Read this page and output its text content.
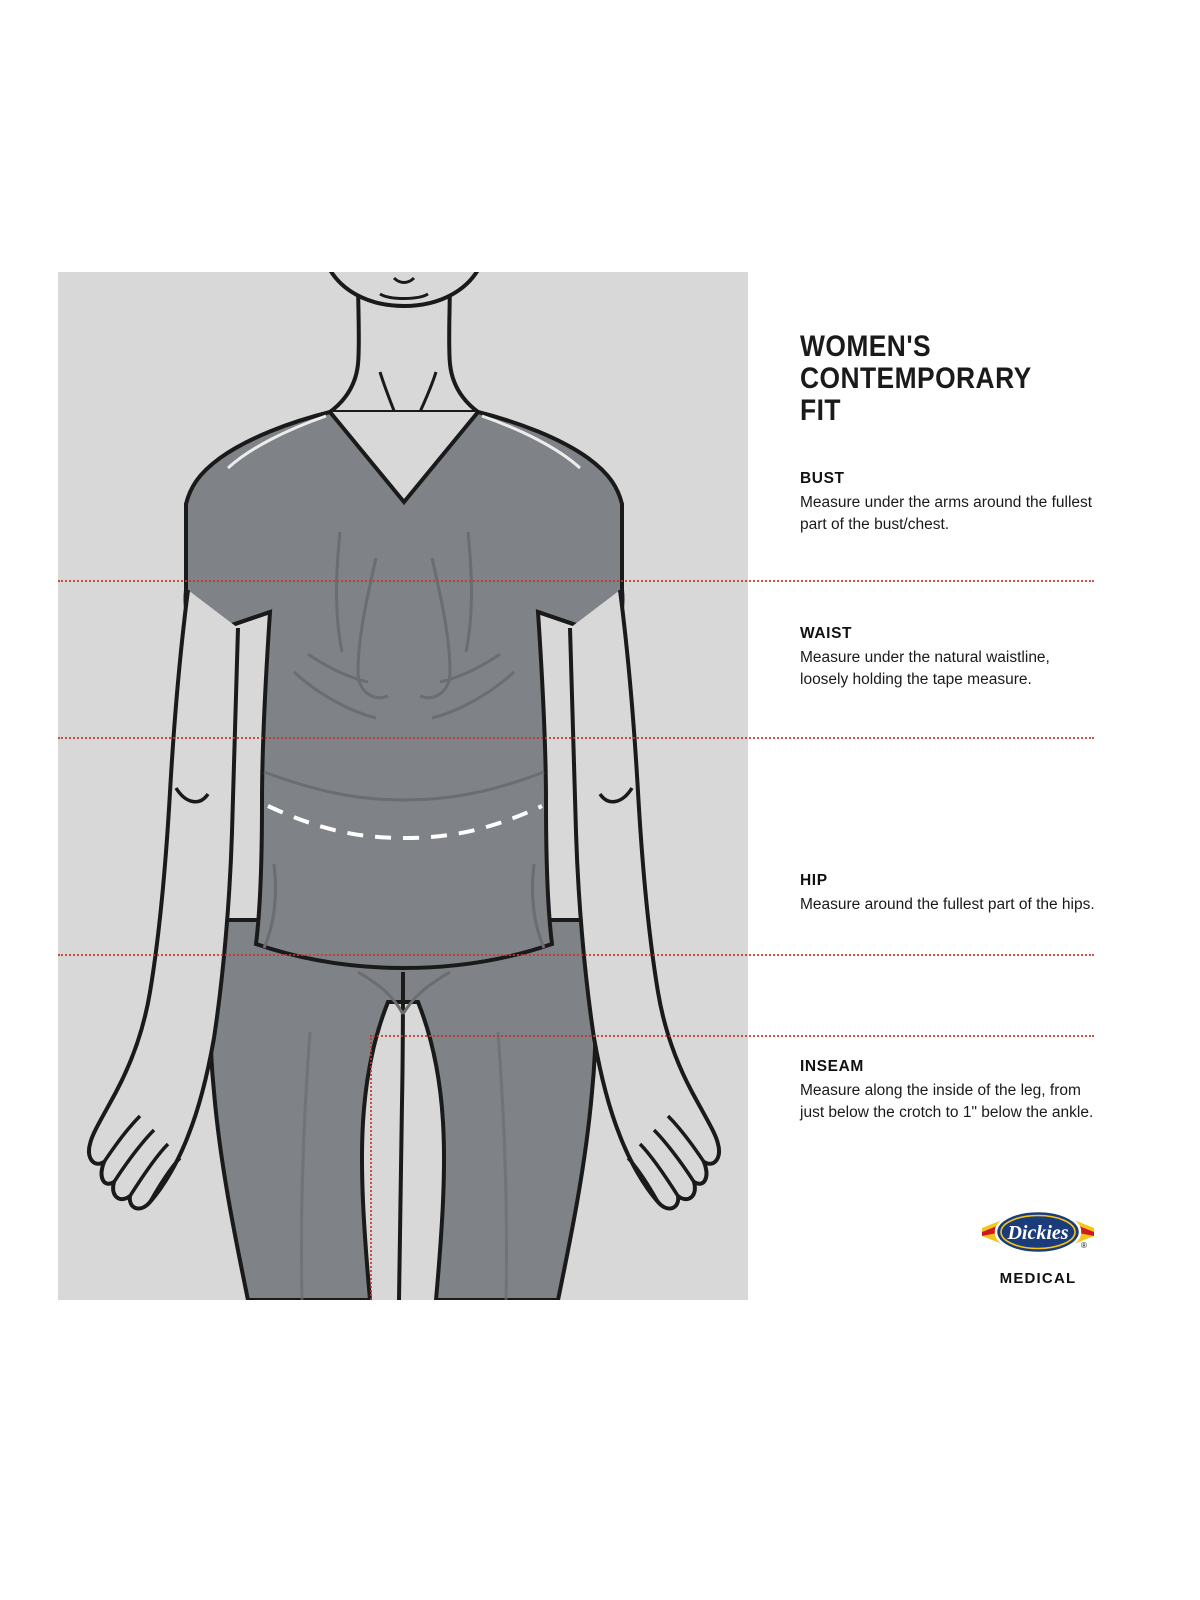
WOMEN'S
CONTEMPORARY FIT

BUST

Measure under the arms around the fullest part of the bust/chest.

WAIST

Measure under the natural waistline, loosely holding the tape measure.

HIP

Measure around the fullest part of the hips.

INSEAM

Measure along the inside of the leg, from just below the crotch to 1" below the ankle.

Dickies
®
MEDICAL
